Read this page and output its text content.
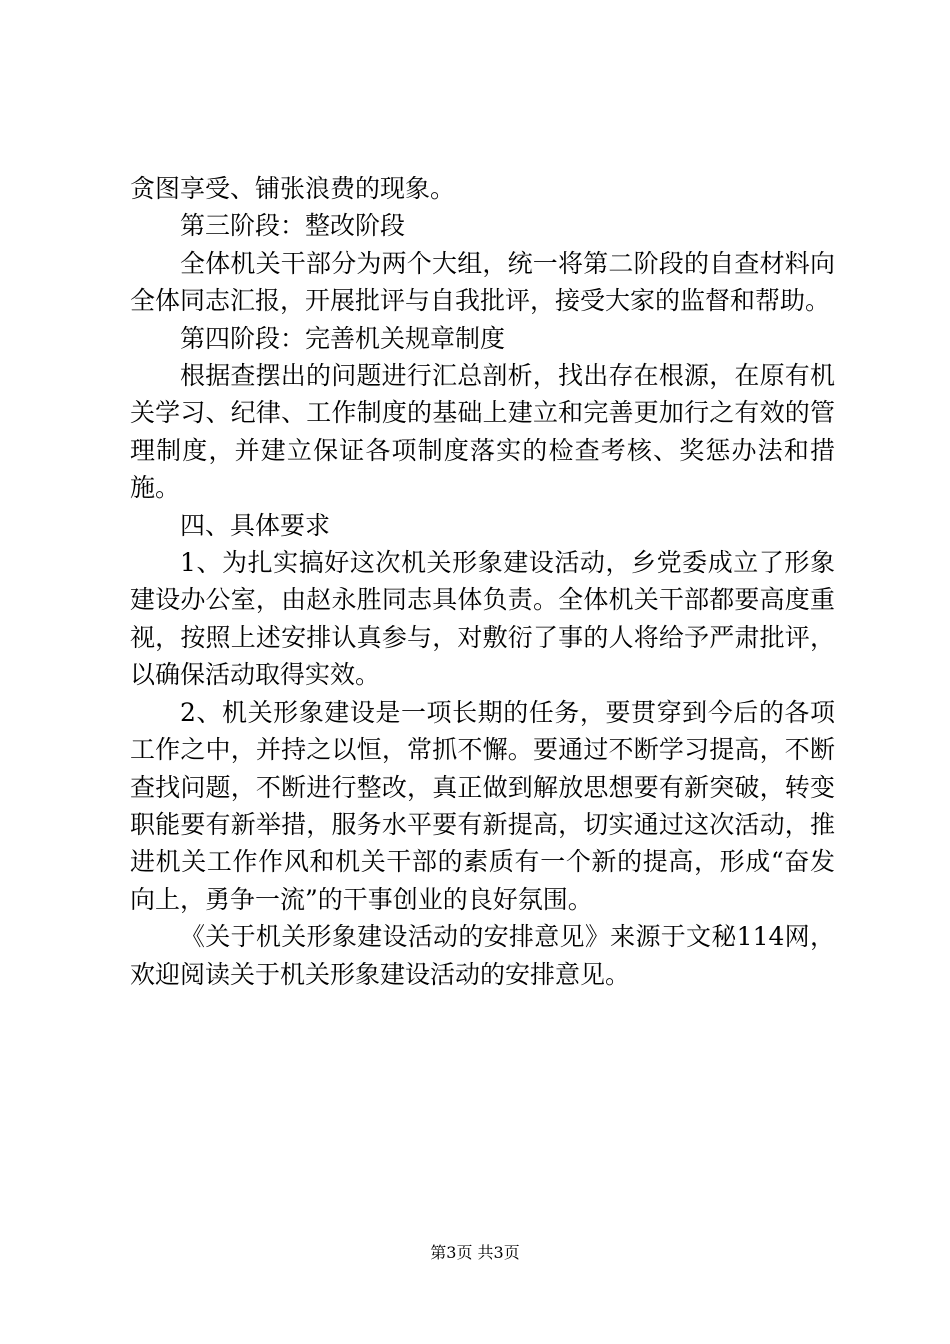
贪图享受、铺张浪费的现象。

第三阶段：整改阶段

全体机关干部分为两个大组，统一将第二阶段的自查材料向全体同志汇报，开展批评与自我批评，接受大家的监督和帮助。

第四阶段：完善机关规章制度

根据查摆出的问题进行汇总剖析，找出存在根源，在原有机关学习、纪律、工作制度的基础上建立和完善更加行之有效的管理制度，并建立保证各项制度落实的检查考核、奖惩办法和措施。

四、具体要求

1、为扎实搞好这次机关形象建设活动，乡党委成立了形象建设办公室，由赵永胜同志具体负责。全体机关干部都要高度重视，按照上述安排认真参与，对敷衍了事的人将给予严肃批评，以确保活动取得实效。

2、机关形象建设是一项长期的任务，要贯穿到今后的各项工作之中，并持之以恒，常抓不懈。要通过不断学习提高，不断查找问题，不断进行整改，真正做到解放思想要有新突破，转变职能要有新举措，服务水平要有新提高，切实通过这次活动，推进机关工作作风和机关干部的素质有一个新的提高，形成“奋发向上，勇争一流”的干事创业的良好氛围。

《关于机关形象建设活动的安排意见》来源于文秘114网，欢迎阅读关于机关形象建设活动的安排意见。

第3页 共3页
